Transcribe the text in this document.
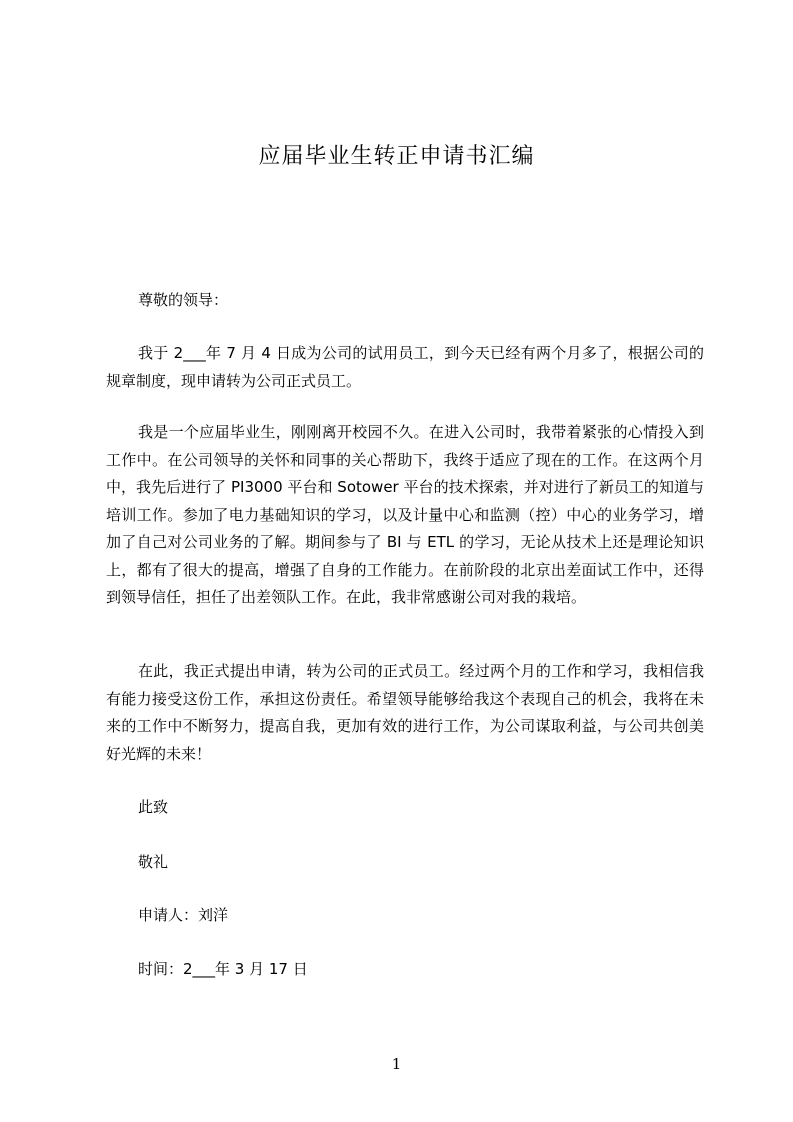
应届毕业生转正申请书汇编

尊敬的领导：

我于 2___年 7 月 4 日成为公司的试用员工，到今天已经有两个月多了，根据公司的规章制度，现申请转为公司正式员工。

我是一个应届毕业生，刚刚离开校园不久。在进入公司时，我带着紧张的心情投入到工作中。在公司领导的关怀和同事的关心帮助下，我终于适应了现在的工作。在这两个月中，我先后进行了 PI3000 平台和 Sotower 平台的技术探索，并对进行了新员工的知道与培训工作。参加了电力基础知识的学习，以及计量中心和监测（控）中心的业务学习，增加了自己对公司业务的了解。期间参与了 BI 与 ETL 的学习，无论从技术上还是理论知识上，都有了很大的提高，增强了自身的工作能力。在前阶段的北京出差面试工作中，还得到领导信任，担任了出差领队工作。在此，我非常感谢公司对我的栽培。

在此，我正式提出申请，转为公司的正式员工。经过两个月的工作和学习，我相信我有能力接受这份工作，承担这份责任。希望领导能够给我这个表现自己的机会，我将在未来的工作中不断努力，提高自我，更加有效的进行工作，为公司谋取利益，与公司共创美好光辉的未来！

此致

敬礼

申请人：刘洋

时间：2___年 3 月 17 日

1
